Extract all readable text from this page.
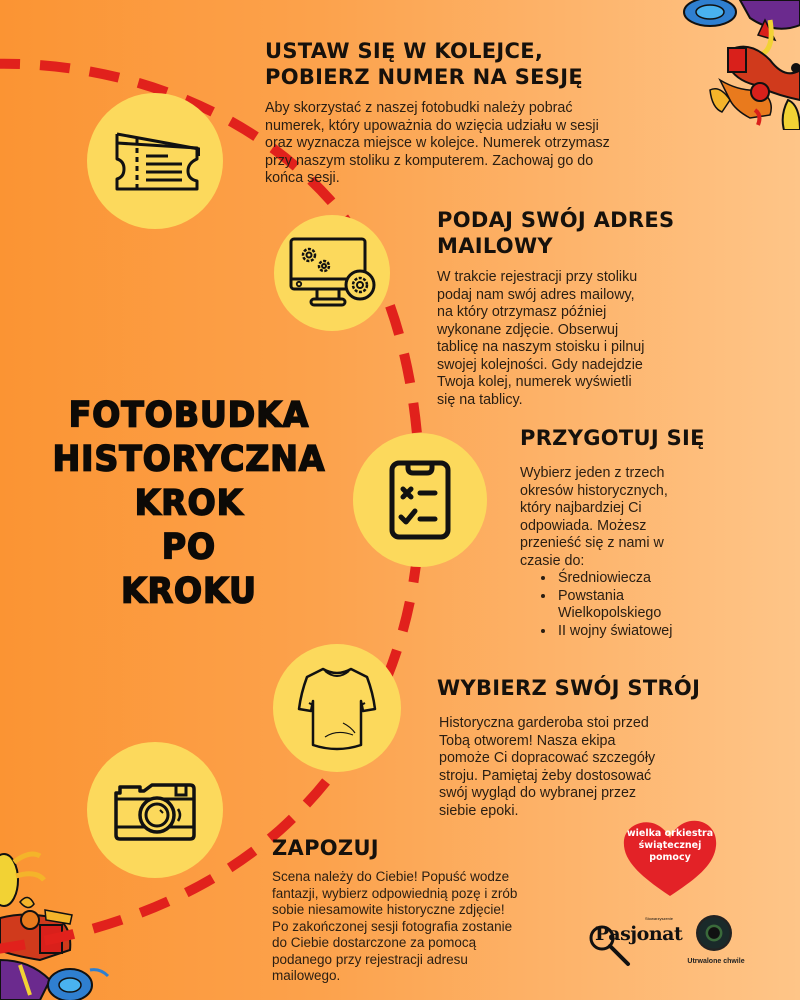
FOTOBUDKA
HISTORYCZNA
KROK
PO
KROKU
USTAW SIĘ W KOLEJCE,
POBIERZ NUMER NA SESJĘ

Aby skorzystać z naszej fotobudki należy pobrać
numerek, który upoważnia do wzięcia udziału w sesji
oraz wyznacza miejsce w kolejce. Numerek otrzymasz
przy naszym stoliku z komputerem. Zachowaj go do
końca sesji.

PODAJ SWÓJ ADRES
MAILOWY

W trakcie rejestracji przy stoliku
podaj nam swój adres mailowy,
na który otrzymasz później
wykonane zdjęcie. Obserwuj
tablicę na naszym stoisku i pilnuj
swojej kolejności. Gdy nadejdzie
Twoja kolej, numerek wyświetli
się na tablicy.

PRZYGOTUJ SIĘ

Wybierz jeden z trzech
okresów historycznych,
który najbardziej Ci
odpowiada. Możesz
przenieść się z nami w
czasie do:

• Średniowiecza
• Powstania Wielkopolskiego
• II wojny światowej
WYBIERZ SWÓJ STRÓJ

Historyczna garderoba stoi przed
Tobą otworem! Nasza ekipa
pomoże Ci dopracować szczegóły
stroju. Pamiętaj żeby dostosować
swój wygląd do wybranej przez
siebie epoki.

ZAPOZUJ

Scena należy do Ciebie! Popuść wodze
fantazji, wybierz odpowiednią pozę i zrób
sobie niesamowite historyczne zdjęcie!
Po zakończonej sesji fotografia zostanie
do Ciebie dostarczone za pomocą
podanego przy rejestracji adresu
mailowego.

wielka orkiestra
świątecznej
pomocy
Stowarzyszenie
Pasjonat
Utrwalone chwile
